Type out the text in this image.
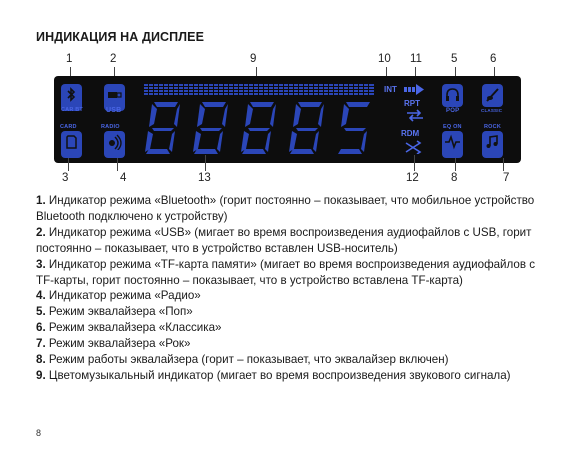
ИНДИКАЦИЯ НА ДИСПЛЕЕ
1	2	9	10 11	5	6
CAR BT	USB
CARD	RADIO
INT
RPT
RDM
POP	CLASSIC
EQ ON	ROCK
3	4	13	12	8	7

1. Индикатор режима «Bluetooth» (горит постоянно – показывает, что мобильное устройство Bluetooth подключено к устройству)

2. Индикатор режима «USB» (мигает во время воспроизведения аудиофайлов с USB, горит постоянно – показывает, что в устройство вставлен USB-носитель)

3. Индикатор режима «TF-карта памяти» (мигает во время воспроизведения аудиофайлов с TF-карты, горит постоянно – показывает, что в устройство вставлена TF-карта)

4. Индикатор режима «Радио»

5. Режим эквалайзера «Поп»

6. Режим эквалайзера «Классика»

7. Режим эквалайзера «Рок»

8. Режим работы эквалайзера (горит – показывает, что эквалайзер включен)

9. Цветомузыкальный индикатор (мигает во время воспроизведения звукового сигнала)

8
